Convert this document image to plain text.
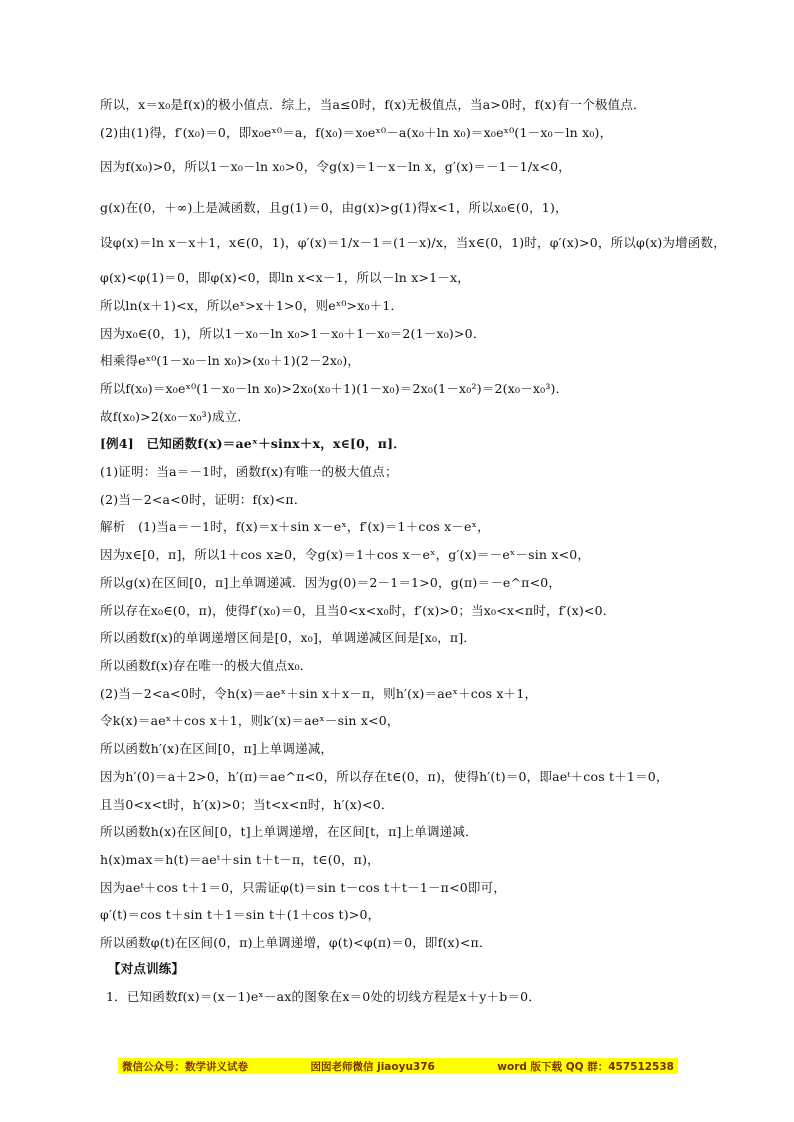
所以，x＝x₀是f(x)的极小值点．综上，当a≤0时，f(x)无极值点，当a>0时，f(x)有一个极值点．
(2)由(1)得，f′(x₀)＝0，即x₀eˣ⁰＝a，f(x₀)＝x₀eˣ⁰－a(x₀＋ln x₀)＝x₀eˣ⁰(1－x₀－ln x₀)，
因为f(x₀)>0，所以1－x₀－ln x₀>0，令g(x)＝1－x－ln x，g′(x)＝－1－1/x<0，
g(x)在(0，＋∞)上是减函数，且g(1)＝0，由g(x)>g(1)得x<1，所以x₀∈(0，1)，
设φ(x)＝ln x－x＋1，x∈(0，1)，φ′(x)＝1/x－1＝(1－x)/x，当x∈(0，1)时，φ′(x)>0，所以φ(x)为增函数，
φ(x)<φ(1)＝0，即φ(x)<0，即ln x<x－1，所以－ln x>1－x，
所以ln(x＋1)<x，所以eˣ>x＋1>0，则eˣ⁰>x₀＋1．
因为x₀∈(0，1)，所以1－x₀－ln x₀>1－x₀＋1－x₀＝2(1－x₀)>0．
相乘得eˣ⁰(1－x₀－ln x₀)>(x₀＋1)(2－2x₀)，
所以f(x₀)＝x₀eˣ⁰(1－x₀－ln x₀)>2x₀(x₀＋1)(1－x₀)＝2x₀(1－x₀²)＝2(x₀－x₀³)．
故f(x₀)>2(x₀－x₀³)成立．
[例4]　已知函数f(x)＝aeˣ＋sinx＋x，x∈[0，π]．
(1)证明：当a＝－1时，函数f(x)有唯一的极大值点；
(2)当－2<a<0时，证明：f(x)<π．
解析　(1)当a＝－1时，f(x)＝x＋sin x－eˣ，f′(x)＝1＋cos x－eˣ，
因为x∈[0，π]，所以1＋cos x≥0，令g(x)＝1＋cos x－eˣ，g′(x)＝－eˣ－sin x<0，
所以g(x)在区间[0，π]上单调递减．因为g(0)＝2－1＝1>0，g(π)＝－e^π<0，
所以存在x₀∈(0，π)，使得f′(x₀)＝0，且当0<x<x₀时，f′(x)>0；当x₀<x<π时，f′(x)<0．
所以函数f(x)的单调递增区间是[0，x₀]，单调递减区间是[x₀，π]．
所以函数f(x)存在唯一的极大值点x₀．
(2)当－2<a<0时，令h(x)＝aeˣ＋sin x＋x－π，则h′(x)＝aeˣ＋cos x＋1，
令k(x)＝aeˣ＋cos x＋1，则k′(x)＝aeˣ－sin x<0，
所以函数h′(x)在区间[0，π]上单调递减，
因为h′(0)＝a＋2>0，h′(π)＝ae^π<0，所以存在t∈(0，π)，使得h′(t)＝0，即aeᵗ＋cos t＋1＝0，
且当0<x<t时，h′(x)>0；当t<x<π时，h′(x)<0．
所以函数h(x)在区间[0，t]上单调递增，在区间[t，π]上单调递减．
h(x)max＝h(t)＝aeᵗ＋sin t＋t－π，t∈(0，π)，
因为aeᵗ＋cos t＋1＝0，只需证φ(t)＝sin t－cos t＋t－1－π<0即可，
φ′(t)＝cos t＋sin t＋1＝sin t＋(1＋cos t)>0，
所以函数φ(t)在区间(0，π)上单调递增，φ(t)<φ(π)＝0，即f(x)<π．
【对点训练】
1．已知函数f(x)＝(x－1)eˣ－ax的图象在x＝0处的切线方程是x＋y＋b＝0．
微信公众号：数学讲义试卷	囡囡老师微信 jiaoyu376	word 版下载 QQ 群：457512538
